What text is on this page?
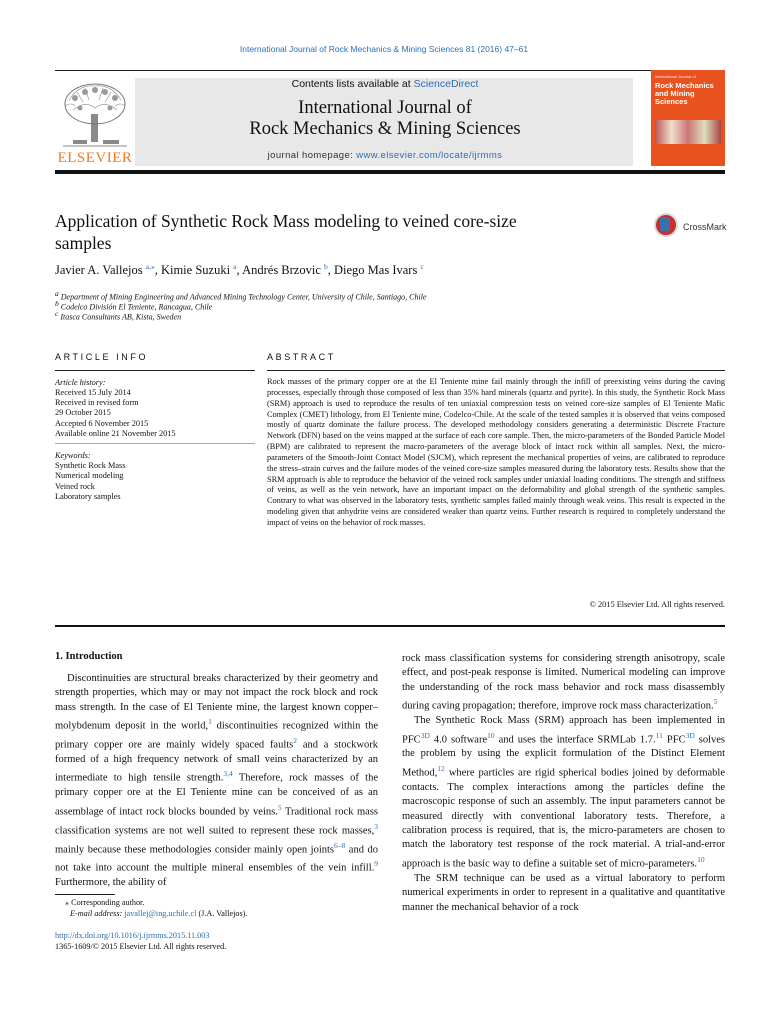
International Journal of Rock Mechanics & Mining Sciences 81 (2016) 47–61
ELSEVIER
Contents lists available at ScienceDirect
International Journal of
Rock Mechanics & Mining Sciences
journal homepage: www.elsevier.com/locate/ijrmms
International Journal of
Rock Mechanics and Mining Sciences
Application of Synthetic Rock Mass modeling to veined core-size
samples
CrossMark
Javier A. Vallejos $^{a,⁎}$, Kimie Suzuki $^a$, Andrés Brzovic $^b$, Diego Mas Ivars $^c$
$^a$ Department of Mining Engineering and Advanced Mining Technology Center, University of Chile, Santiago, Chile
$^b$ Codelco División El Teniente, Rancagua, Chile
$^c$ Itasca Consultants AB, Kista, Sweden
ARTICLE INFO	ABSTRACT
Article history:
Received 15 July 2014
Received in revised form
29 October 2015
Accepted 6 November 2015
Available online 21 November 2015
Keywords:
Synthetic Rock Mass
Numerical modeling
Veined rock
Laboratory samples
Rock masses of the primary copper ore at the El Teniente mine fail mainly through the infill of preexisting veins during the caving processes, especially through those composed of less than 35% hard minerals (quartz and pyrite). In this study, the Synthetic Rock Mass (SRM) approach is used to reproduce the results of ten uniaxial compression tests on veined core-size samples of El Teniente Mafic Complex (CMET) lithology, from El Teniente mine, Codelco-Chile. At the scale of the tested samples it is observed that veins composed mostly of quartz dominate the failure process. The developed methodology considers generating a deterministic Discrete Fracture Network (DFN) based on the veins mapped at the surface of each core sample. Then, the micro-parameters of the Bonded Particle Model (BPM) are calibrated to represent the macro-parameters of the average block of intact rock within all samples. Next, the micro-parameters of the Smooth-Joint Contact Model (SJCM), which represent the mechanical properties of veins, are calibrated to reproduce the stress–strain curves and the failure modes of the veined core-size samples measured during the laboratory tests. Results show that the SRM approach is able to reproduce the behavior of the veined rock samples under uniaxial loading conditions. The strength and stiffness of veins, as well as the vein network, have an important impact on the deformability and global strength of the synthetic samples. Contrary to what was observed in the laboratory tests, synthetic samples failed mainly through weak veins. This result is expected in the modeling given that anhydrite veins are considered weaker than quartz veins. Further research is required to completely understand the impact of veins on the behavior of rock masses.
© 2015 Elsevier Ltd. All rights reserved.
1. Introduction
Discontinuities are structural breaks characterized by their geometry and strength properties, which may or may not impact the rock block and rock mass strength. In the case of El Teniente mine, the largest known copper–molybdenum deposit in the world,$^1$ discontinuities recognized within the primary copper ore are mainly widely spaced faults$^2$ and a stockwork formed of a high frequency network of small veins characterized by an intermediate to high tensile strength.$^{3,4}$ Therefore, rock masses of the primary copper ore at the El Teniente mine can be conceived of as an assemblage of intact rock blocks bounded by veins.$^5$ Traditional rock mass classification systems are not well suited to represent these rock masses,$^3$ mainly because these methodologies consider mainly open joints$^{6-8}$ and do not take into account the multiple mineral ensembles of the vein infill.$^9$ Furthermore, the ability of

rock mass classification systems for considering strength anisotropy, scale effect, and post-peak response is limited. Numerical modeling can improve the understanding of the rock mass behavior and rock mass disassembly during caving propagation; therefore, improve rock mass characterization.$^5$

The Synthetic Rock Mass (SRM) approach has been implemented in $PFC^{3D}$ 4.0 software$^{10}$ and uses the interface SRMLab 1.7.11 $PFC^{3D}$ solves the problem by using the explicit formulation of the Distinct Element Method,$^{12}$ where particles are rigid spherical bodies joined by deformable contacts. The complex interactions among the particles define the macroscopic response of such an assembly. The input parameters cannot be measured directly with conventional laboratory tests. Therefore, a calibration process is required, that is, the micro-parameters are chosen to match the laboratory test response of the rock material. A trial-and-error approach is the basic way to define a suitable set of micro-parameters.$^{10}$

The SRM technique can be used as a virtual laboratory to perform numerical experiments in order to represent in a qualitative and quantitative manner the mechanical behavior of a rock

⁎ Corresponding author.
E-mail address: javallej@ing.uchile.cl (J.A. Vallejos).
http://dx.doi.org/10.1016/j.ijrmms.2015.11.003
1365-1609/© 2015 Elsevier Ltd. All rights reserved.
